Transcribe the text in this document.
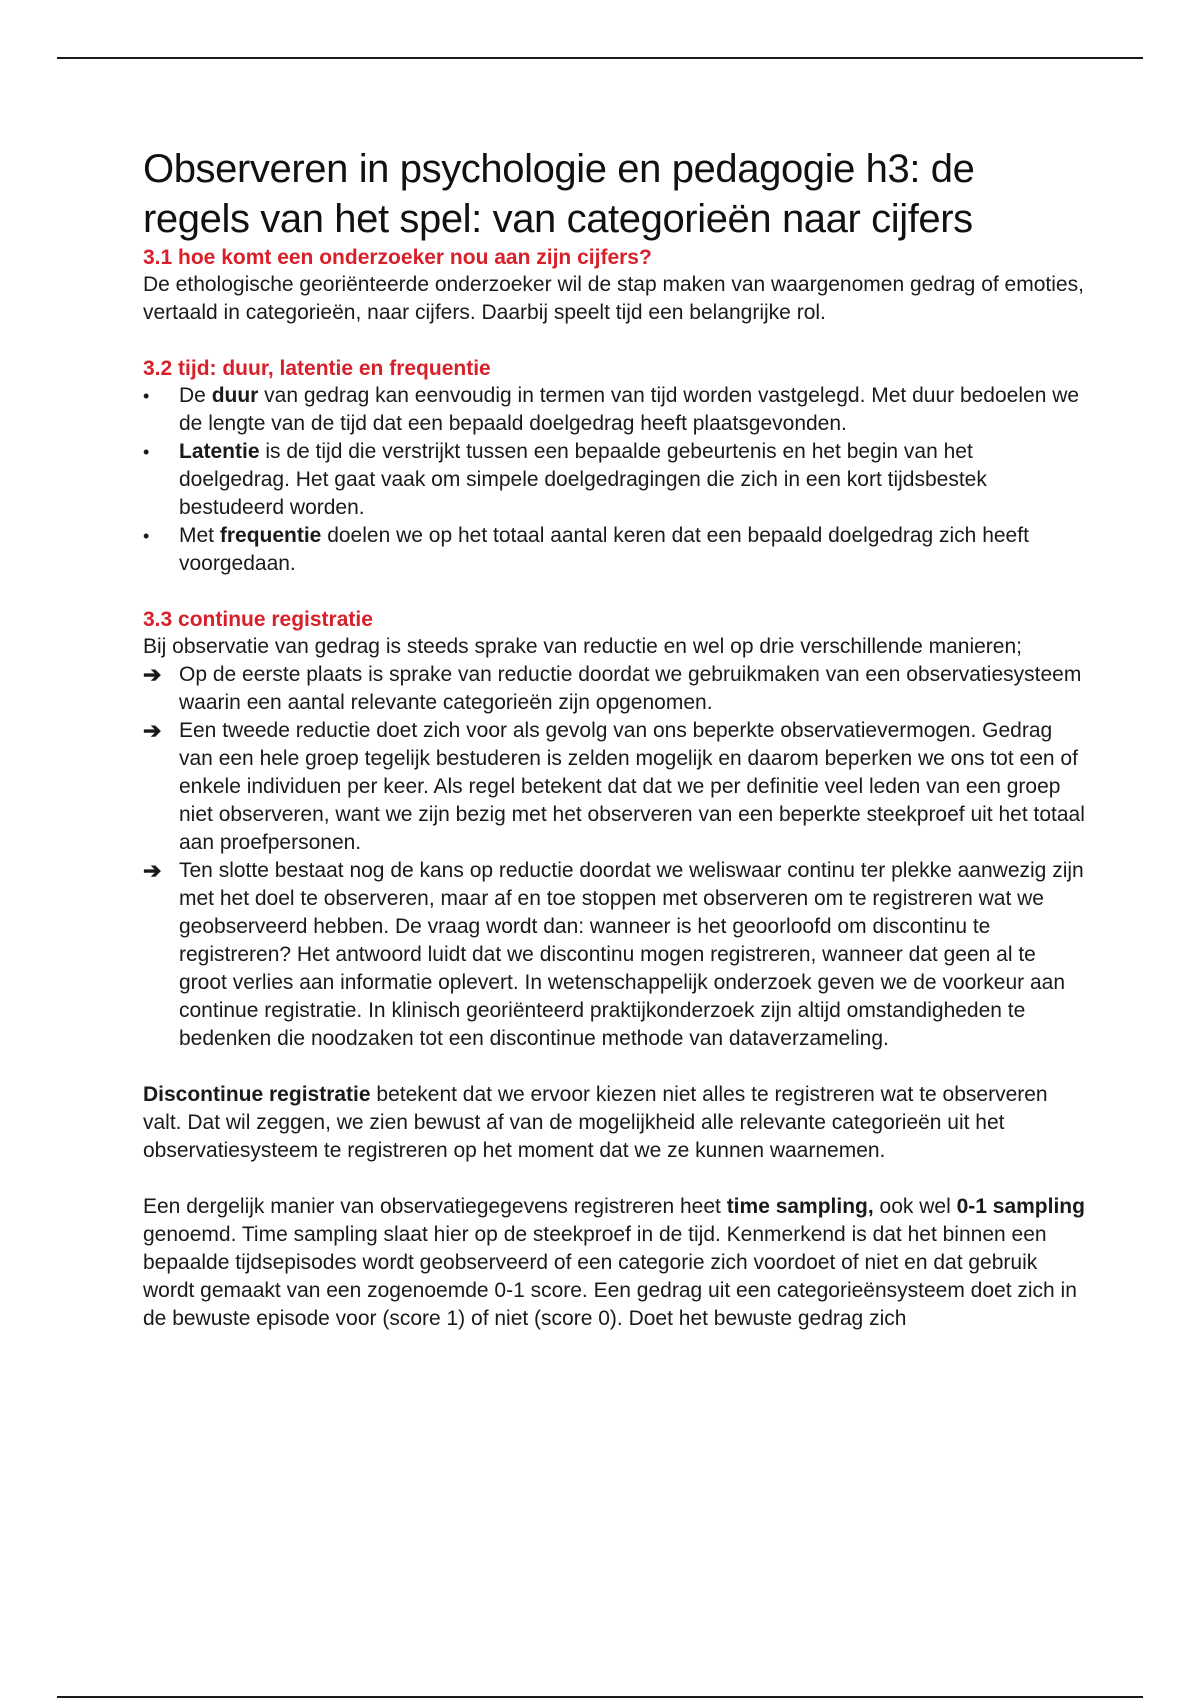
Observeren in psychologie en pedagogie h3: de regels van het spel: van categorieën naar cijfers
3.1 hoe komt een onderzoeker nou aan zijn cijfers?

De ethologische georiënteerde onderzoeker wil de stap maken van waargenomen gedrag of emoties, vertaald in categorieën, naar cijfers. Daarbij speelt tijd een belangrijke rol.

3.2 tijd: duur, latentie en frequentie
•	De duur van gedrag kan eenvoudig in termen van tijd worden vastgelegd. Met duur bedoelen we de lengte van de tijd dat een bepaald doelgedrag heeft plaatsgevonden.
•	Latentie is de tijd die verstrijkt tussen een bepaalde gebeurtenis en het begin van het doelgedrag. Het gaat vaak om simpele doelgedragingen die zich in een kort tijdsbestek bestudeerd worden.
•	Met frequentie doelen we op het totaal aantal keren dat een bepaald doelgedrag zich heeft voorgedaan.
3.3 continue registratie

Bij observatie van gedrag is steeds sprake van reductie en wel op drie verschillende manieren;

➔ Op de eerste plaats is sprake van reductie doordat we gebruikmaken van een observatiesysteem waarin een aantal relevante categorieën zijn opgenomen.
➔ Een tweede reductie doet zich voor als gevolg van ons beperkte observatievermogen. Gedrag van een hele groep tegelijk bestuderen is zelden mogelijk en daarom beperken we ons tot een of enkele individuen per keer. Als regel betekent dat dat we per definitie veel leden van een groep niet observeren, want we zijn bezig met het observeren van een beperkte steekproef uit het totaal aan proefpersonen.
➔ Ten slotte bestaat nog de kans op reductie doordat we weliswaar continu ter plekke aanwezig zijn met het doel te observeren, maar af en toe stoppen met observeren om te registreren wat we geobserveerd hebben. De vraag wordt dan: wanneer is het geoorloofd om discontinu te registreren? Het antwoord luidt dat we discontinu mogen registreren, wanneer dat geen al te groot verlies aan informatie oplevert. In wetenschappelijk onderzoek geven we de voorkeur aan continue registratie. In klinisch georiënteerd praktijkonderzoek zijn altijd omstandigheden te bedenken die noodzaken tot een discontinue methode van dataverzameling.

Discontinue registratie betekent dat we ervoor kiezen niet alles te registreren wat te observeren valt. Dat wil zeggen, we zien bewust af van de mogelijkheid alle relevante categorieën uit het observatiesysteem te registreren op het moment dat we ze kunnen waarnemen.

Een dergelijk manier van observatiegegevens registreren heet time sampling, ook wel 0-1 sampling genoemd. Time sampling slaat hier op de steekproef in de tijd. Kenmerkend is dat het binnen een bepaalde tijdsepisodes wordt geobserveerd of een categorie zich voordoet of niet en dat gebruik wordt gemaakt van een zogenoemde 0-1 score. Een gedrag uit een categorieënsysteem doet zich in de bewuste episode voor (score 1) of niet (score 0). Doet het bewuste gedrag zich
